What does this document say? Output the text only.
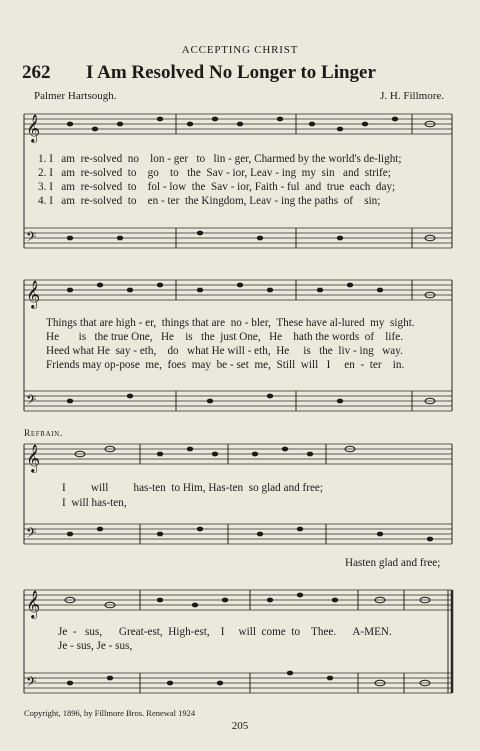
𝄞
𝄢
𝄞
𝄢
𝄞
𝄢
𝄞
𝄢
ACCEPTING CHRIST
262 I Am Resolved No Longer to Linger
Palmer Hartsough.	J. H. Fillmore.
1. I   am  re-solved  no    lon - ger   to   lin - ger, Charmed by the world's de-light;
2. I   am  re-solved  to    go    to   the  Sav - ior, Leav - ing  my  sin   and  strife;
3. I   am  re-solved  to    fol - low  the  Sav - ior, Faith - ful  and  true  each  day;
4. I   am  re-solved  to    en - ter  the Kingdom, Leav - ing the paths  of    sin;
Things that are high - er,  things that are  no - bler,  These have al-lured  my  sight.
He       is   the true One,   He    is   the  just One,   He    hath the words  of    life.
Heed what He  say - eth,    do   what He will - eth,  He     is   the  liv - ing   way.
Friends may op-pose  me,  foes  may  be - set  me,  Still  will   I     en  -  ter    in.
Refrain.
I         will         has-ten  to Him, Has-ten  so glad and free;
I  will has-ten,
Hasten glad and free;
Je  -   sus,      Great-est,  High-est,    I     will  come  to    Thee.      A-MEN.
Je - sus, Je - sus,
Copyright, 1896, by Fillmore Bros. Renewal 1924
205
